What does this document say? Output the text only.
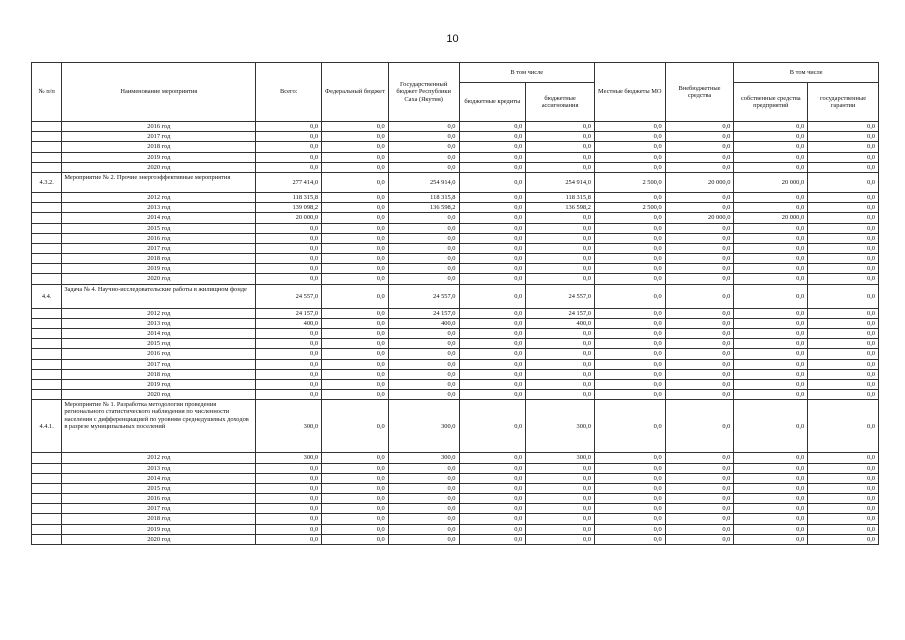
10
№ п/п	Наименование мероприятия	Всего:	Федеральный бюджет	Государственный бюджет Республики Саха (Якутия)	В том числе		Местные бюджеты МО	Внебюджетные средства	В том числе	
					бюджетные кредиты	бюджетные ассигнования			собственные средства предприятий	государственные гарантии
	2016 год	0,0	0,0	0,0	0,0	0,0	0,0	0,0	0,0	0,0
	2017 год	0,0	0,0	0,0	0,0	0,0	0,0	0,0	0,0	0,0
	2018 год	0,0	0,0	0,0	0,0	0,0	0,0	0,0	0,0	0,0
	2019 год	0,0	0,0	0,0	0,0	0,0	0,0	0,0	0,0	0,0
	2020 год	0,0	0,0	0,0	0,0	0,0	0,0	0,0	0,0	0,0
4.3.2.	Мероприятие № 2. Прочие энергоэффективные мероприятия	277 414,0	0,0	254 914,0	0,0	254 914,0	2 500,0	20 000,0	20 000,0	0,0
	2012 год	118 315,8	0,0	118 315,8	0,0	118 315,8	0,0	0,0	0,0	0,0
	2013 год	139 098,2	0,0	136 598,2	0,0	136 598,2	2 500,0	0,0	0,0	0,0
	2014 год	20 000,0	0,0	0,0	0,0	0,0	0,0	20 000,0	20 000,0	0,0
	2015 год	0,0	0,0	0,0	0,0	0,0	0,0	0,0	0,0	0,0
	2016 год	0,0	0,0	0,0	0,0	0,0	0,0	0,0	0,0	0,0
	2017 год	0,0	0,0	0,0	0,0	0,0	0,0	0,0	0,0	0,0
	2018 год	0,0	0,0	0,0	0,0	0,0	0,0	0,0	0,0	0,0
	2019 год	0,0	0,0	0,0	0,0	0,0	0,0	0,0	0,0	0,0
	2020 год	0,0	0,0	0,0	0,0	0,0	0,0	0,0	0,0	0,0
4.4.	Задача № 4. Научно-исследовательские работы в жилищном фонде	24 557,0	0,0	24 557,0	0,0	24 557,0	0,0	0,0	0,0	0,0
	2012 год	24 157,0	0,0	24 157,0	0,0	24 157,0	0,0	0,0	0,0	0,0
	2013 год	400,0	0,0	400,0	0,0	400,0	0,0	0,0	0,0	0,0
	2014 год	0,0	0,0	0,0	0,0	0,0	0,0	0,0	0,0	0,0
	2015 год	0,0	0,0	0,0	0,0	0,0	0,0	0,0	0,0	0,0
	2016 год	0,0	0,0	0,0	0,0	0,0	0,0	0,0	0,0	0,0
	2017 год	0,0	0,0	0,0	0,0	0,0	0,0	0,0	0,0	0,0
	2018 год	0,0	0,0	0,0	0,0	0,0	0,0	0,0	0,0	0,0
	2019 год	0,0	0,0	0,0	0,0	0,0	0,0	0,0	0,0	0,0
	2020 год	0,0	0,0	0,0	0,0	0,0	0,0	0,0	0,0	0,0
4.4.1.	Мероприятие № 1. Разработка методологии проведения регионального статистического наблюдения по численности населения с дифференциацией по уровням среднедушевых доходов в разрезе муниципальных поселений	300,0	0,0	300,0	0,0	300,0	0,0	0,0	0,0	0,0
	2012 год	300,0	0,0	300,0	0,0	300,0	0,0	0,0	0,0	0,0
	2013 год	0,0	0,0	0,0	0,0	0,0	0,0	0,0	0,0	0,0
	2014 год	0,0	0,0	0,0	0,0	0,0	0,0	0,0	0,0	0,0
	2015 год	0,0	0,0	0,0	0,0	0,0	0,0	0,0	0,0	0,0
	2016 год	0,0	0,0	0,0	0,0	0,0	0,0	0,0	0,0	0,0
	2017 год	0,0	0,0	0,0	0,0	0,0	0,0	0,0	0,0	0,0
	2018 год	0,0	0,0	0,0	0,0	0,0	0,0	0,0	0,0	0,0
	2019 год	0,0	0,0	0,0	0,0	0,0	0,0	0,0	0,0	0,0
	2020 год	0,0	0,0	0,0	0,0	0,0	0,0	0,0	0,0	0,0
